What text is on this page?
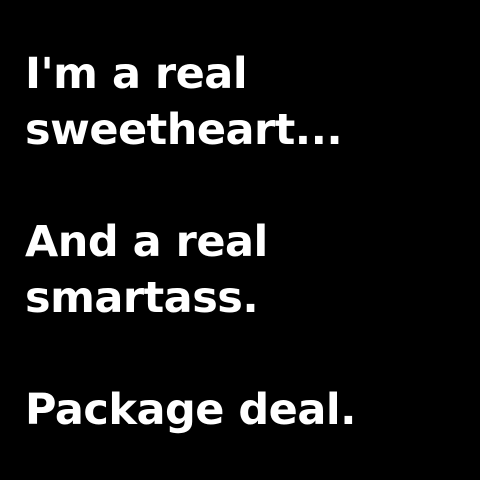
I'm a real
sweetheart...
And a real
smartass.
Package deal.
